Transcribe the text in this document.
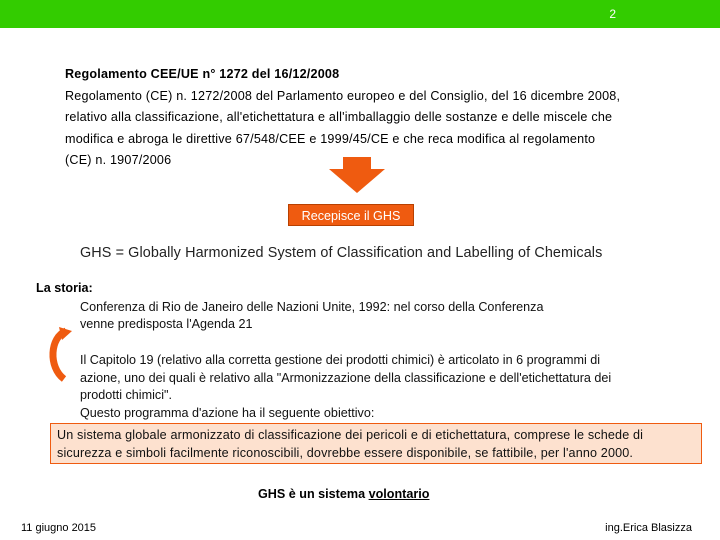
2
Regolamento CEE/UE n° 1272 del 16/12/2008
Regolamento (CE) n. 1272/2008 del Parlamento europeo e del Consiglio, del 16 dicembre 2008,
relativo alla classificazione, all'etichettatura e all'imballaggio delle sostanze e delle miscele che
modifica e abroga le direttive 67/548/CEE e 1999/45/CE e che reca modifica al regolamento
(CE) n. 1907/2006
Recepisce il GHS
GHS = Globally Harmonized System of Classification and Labelling of Chemicals
La storia:
Conferenza di Rio de Janeiro delle Nazioni Unite, 1992: nel corso della Conferenza
venne predisposta l'Agenda 21
Il Capitolo 19 (relativo alla corretta gestione dei prodotti chimici) è articolato in 6 programmi di
azione, uno dei quali è relativo alla "Armonizzazione della classificazione e dell'etichettatura dei
prodotti chimici".
Questo programma d'azione ha il seguente obiettivo:
Un sistema globale armonizzato di classificazione dei pericoli e di etichettatura, comprese le schede di
sicurezza e simboli facilmente riconoscibili, dovrebbe essere disponibile, se fattibile, per l'anno 2000.
GHS è un sistema volontario
11 giugno 2015	ing.Erica Blasizza
